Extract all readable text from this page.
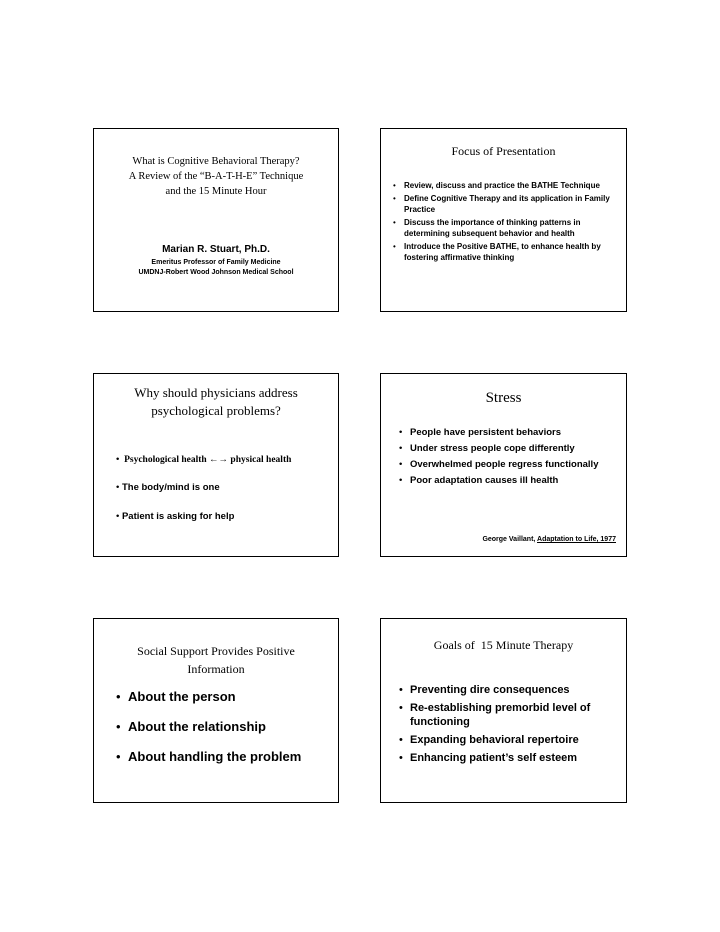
What is Cognitive Behavioral Therapy?
A Review of the “B-A-T-H-E” Technique
and the 15 Minute Hour
Marian R. Stuart, Ph.D.
Emeritus Professor of Family Medicine
UMDNJ-Robert Wood Johnson Medical School
Focus of Presentation
• Review, discuss and practice the BATHE Technique
• Define Cognitive Therapy and its application in Family Practice
• Discuss the importance of thinking patterns in determining subsequent behavior and health
• Introduce the Positive BATHE, to enhance health by fostering affirmative thinking
Why should physicians address
psychological problems?
• Psychological health ←→ physical health
• The body/mind is one
• Patient is asking for help
Stress
• People have persistent behaviors
• Under stress people cope differently
• Overwhelmed people regress functionally
• Poor adaptation causes ill health
George Vaillant, Adaptation to Life, 1977
Social Support Provides Positive
Information
• About the person
• About the relationship
• About handling the problem
Goals of  15 Minute Therapy
• Preventing dire consequences
• Re-establishing premorbid level of functioning
• Expanding behavioral repertoire
• Enhancing patient’s self esteem
